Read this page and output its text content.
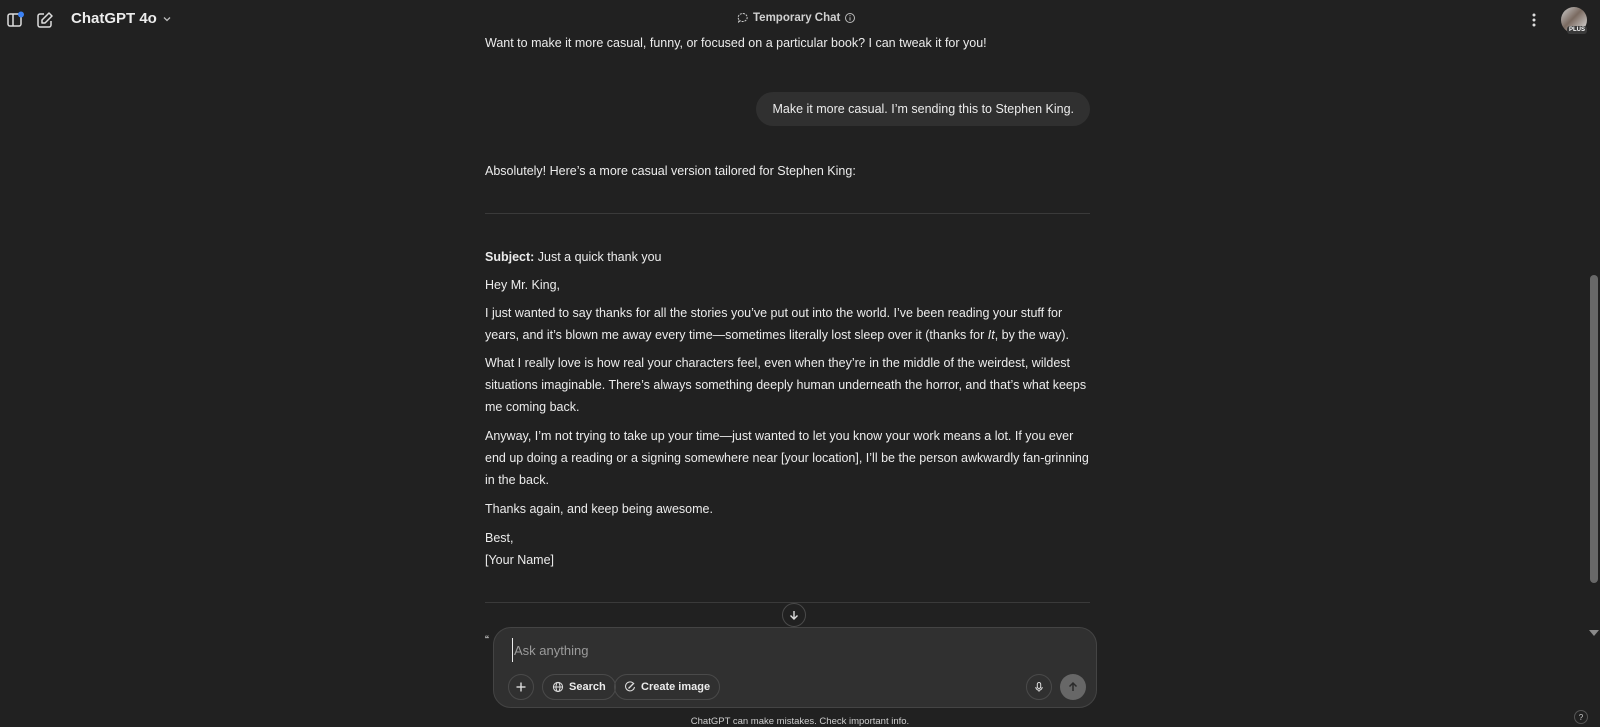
ChatGPT 4o	Temporary Chat
PLUS

Want to make it more casual, funny, or focused on a particular book? I can tweak it for you!

Make it more casual. I’m sending this to Stephen King.

Absolutely! Here’s a more casual version tailored for Stephen King:

Subject: Just a quick thank you

Hey Mr. King,

I just wanted to say thanks for all the stories you’ve put out into the world. I’ve been reading your stuff for years, and it’s blown me away every time—sometimes literally lost sleep over it (thanks for It, by the way).

What I really love is how real your characters feel, even when they’re in the middle of the weirdest, wildest situations imaginable. There’s always something deeply human underneath the horror, and that’s what keeps me coming back.

Anyway, I’m not trying to take up your time—just wanted to let you know your work means a lot. If you ever end up doing a reading or a signing somewhere near [your location], I’ll be the person awkwardly fan-grinning in the back.

Thanks again, and keep being awesome.

Best,

[Your Name]

“
Ask anything
Search	Create image
ChatGPT can make mistakes. Check important info.	?
